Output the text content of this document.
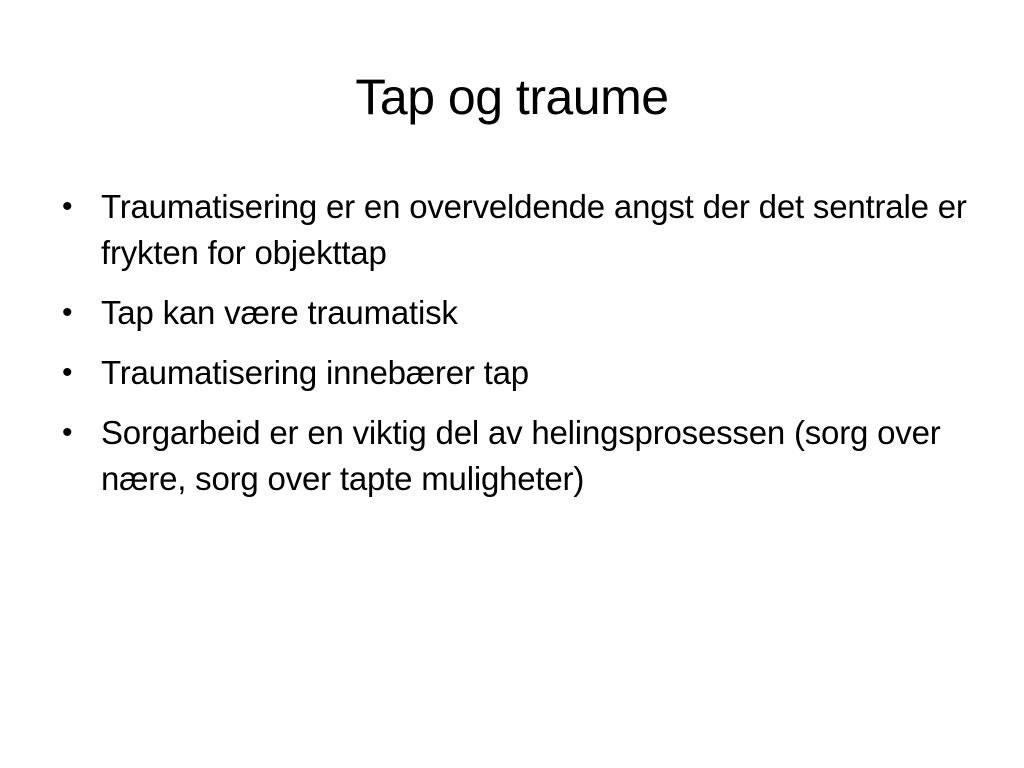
Tap og traume
• Traumatisering er en overveldende angst der det sentrale er frykten for objekttap
• Tap kan være traumatisk
• Traumatisering innebærer tap
• Sorgarbeid er en viktig del av helingsprosessen (sorg over nære, sorg over tapte muligheter)
